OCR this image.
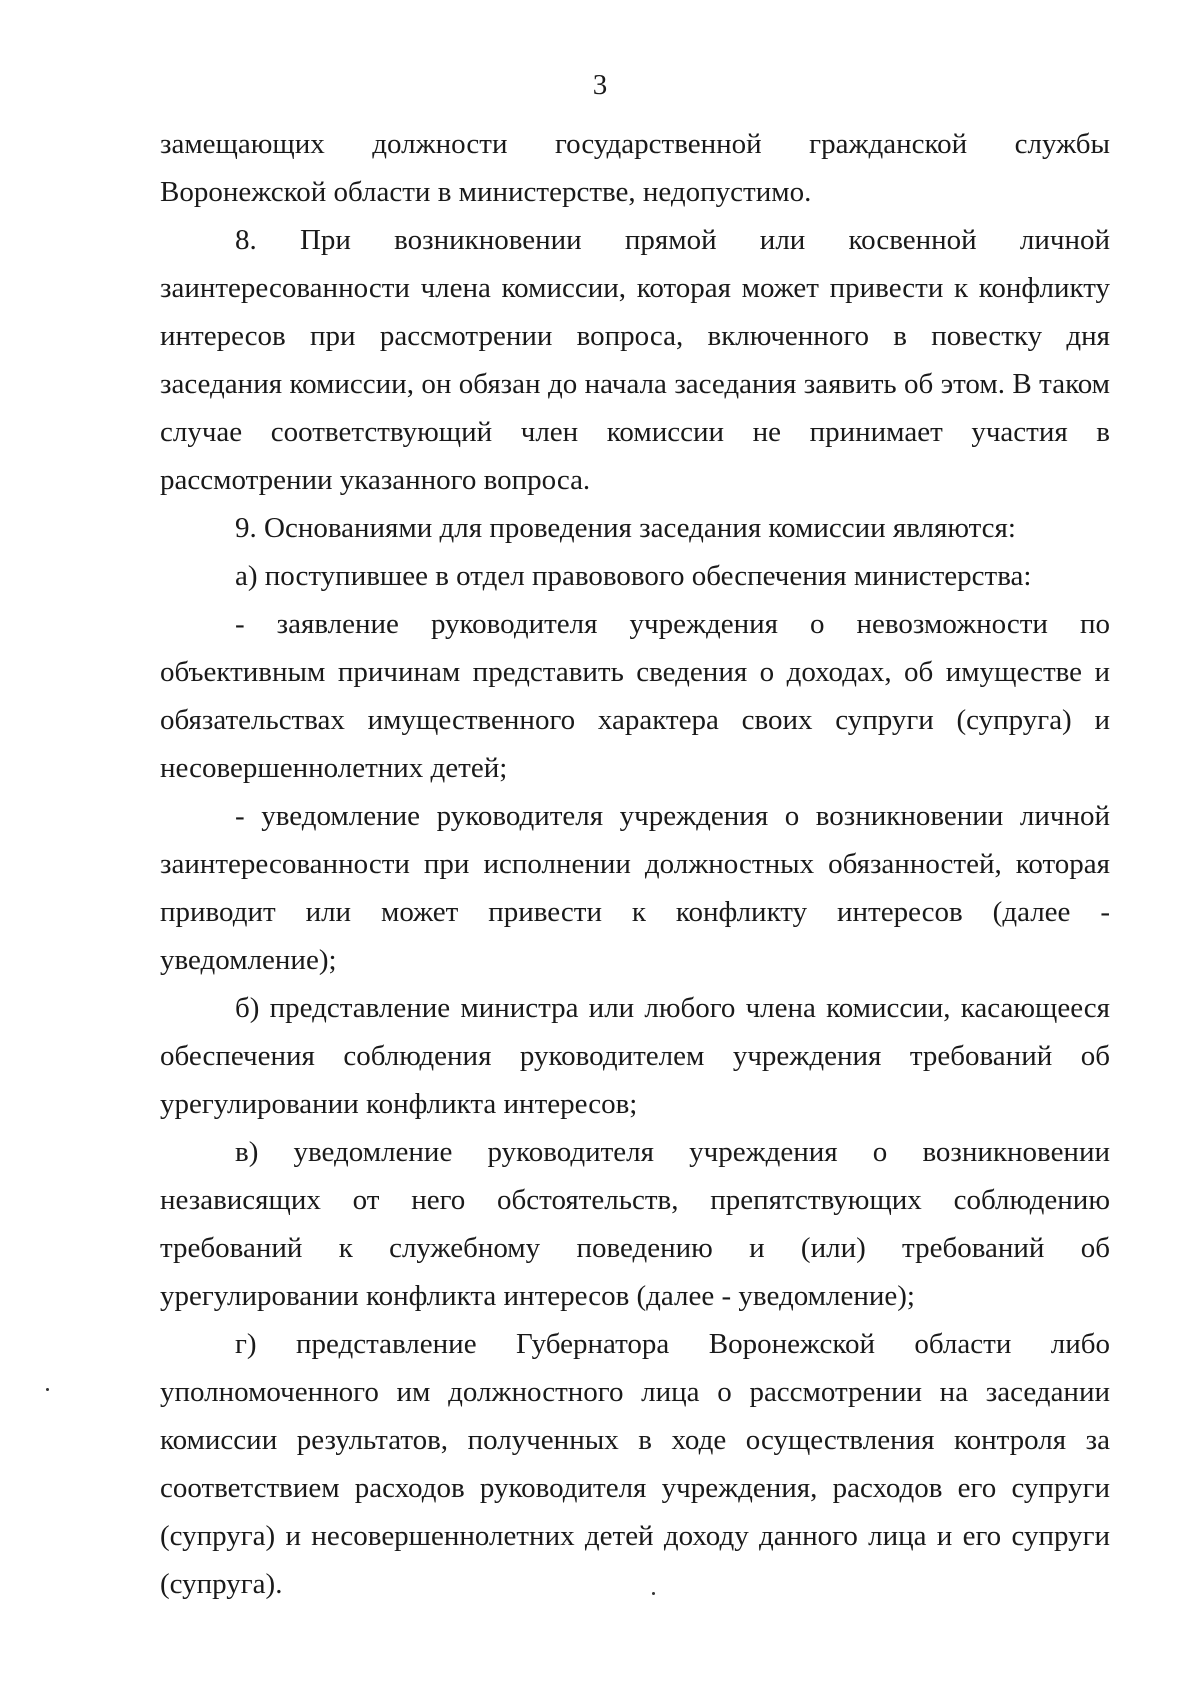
3

замещающих должности государственной гражданской службы Воронежской области в министерстве, недопустимо.

8. При возникновении прямой или косвенной личной заинтересованности члена комиссии, которая может привести к конфликту интересов при рассмотрении вопроса, включенного в повестку дня заседания комиссии, он обязан до начала заседания заявить об этом. В таком случае соответствующий член комиссии не принимает участия в рассмотрении указанного вопроса.

9. Основаниями для проведения заседания комиссии являются:

а) поступившее в отдел правовового обеспечения министерства:

- заявление руководителя учреждения о невозможности по объективным причинам представить сведения о доходах, об имуществе и обязательствах имущественного характера своих супруги (супруга) и несовершеннолетних детей;

- уведомление руководителя учреждения о возникновении личной заинтересованности при исполнении должностных обязанностей, которая приводит или может привести к конфликту интересов (далее - уведомление);

б) представление министра или любого члена комиссии, касающееся обеспечения соблюдения руководителем учреждения требований об урегулировании конфликта интересов;

в) уведомление руководителя учреждения о возникновении независящих от него обстоятельств, препятствующих соблюдению требований к служебному поведению и (или) требований об урегулировании конфликта интересов (далее - уведомление);

г) представление Губернатора Воронежской области либо уполномоченного им должностного лица о рассмотрении на заседании комиссии результатов, полученных в ходе осуществления контроля за соответствием расходов руководителя учреждения, расходов его супруги (супруга) и несовершеннолетних детей доходу данного лица и его супруги (супруга).
